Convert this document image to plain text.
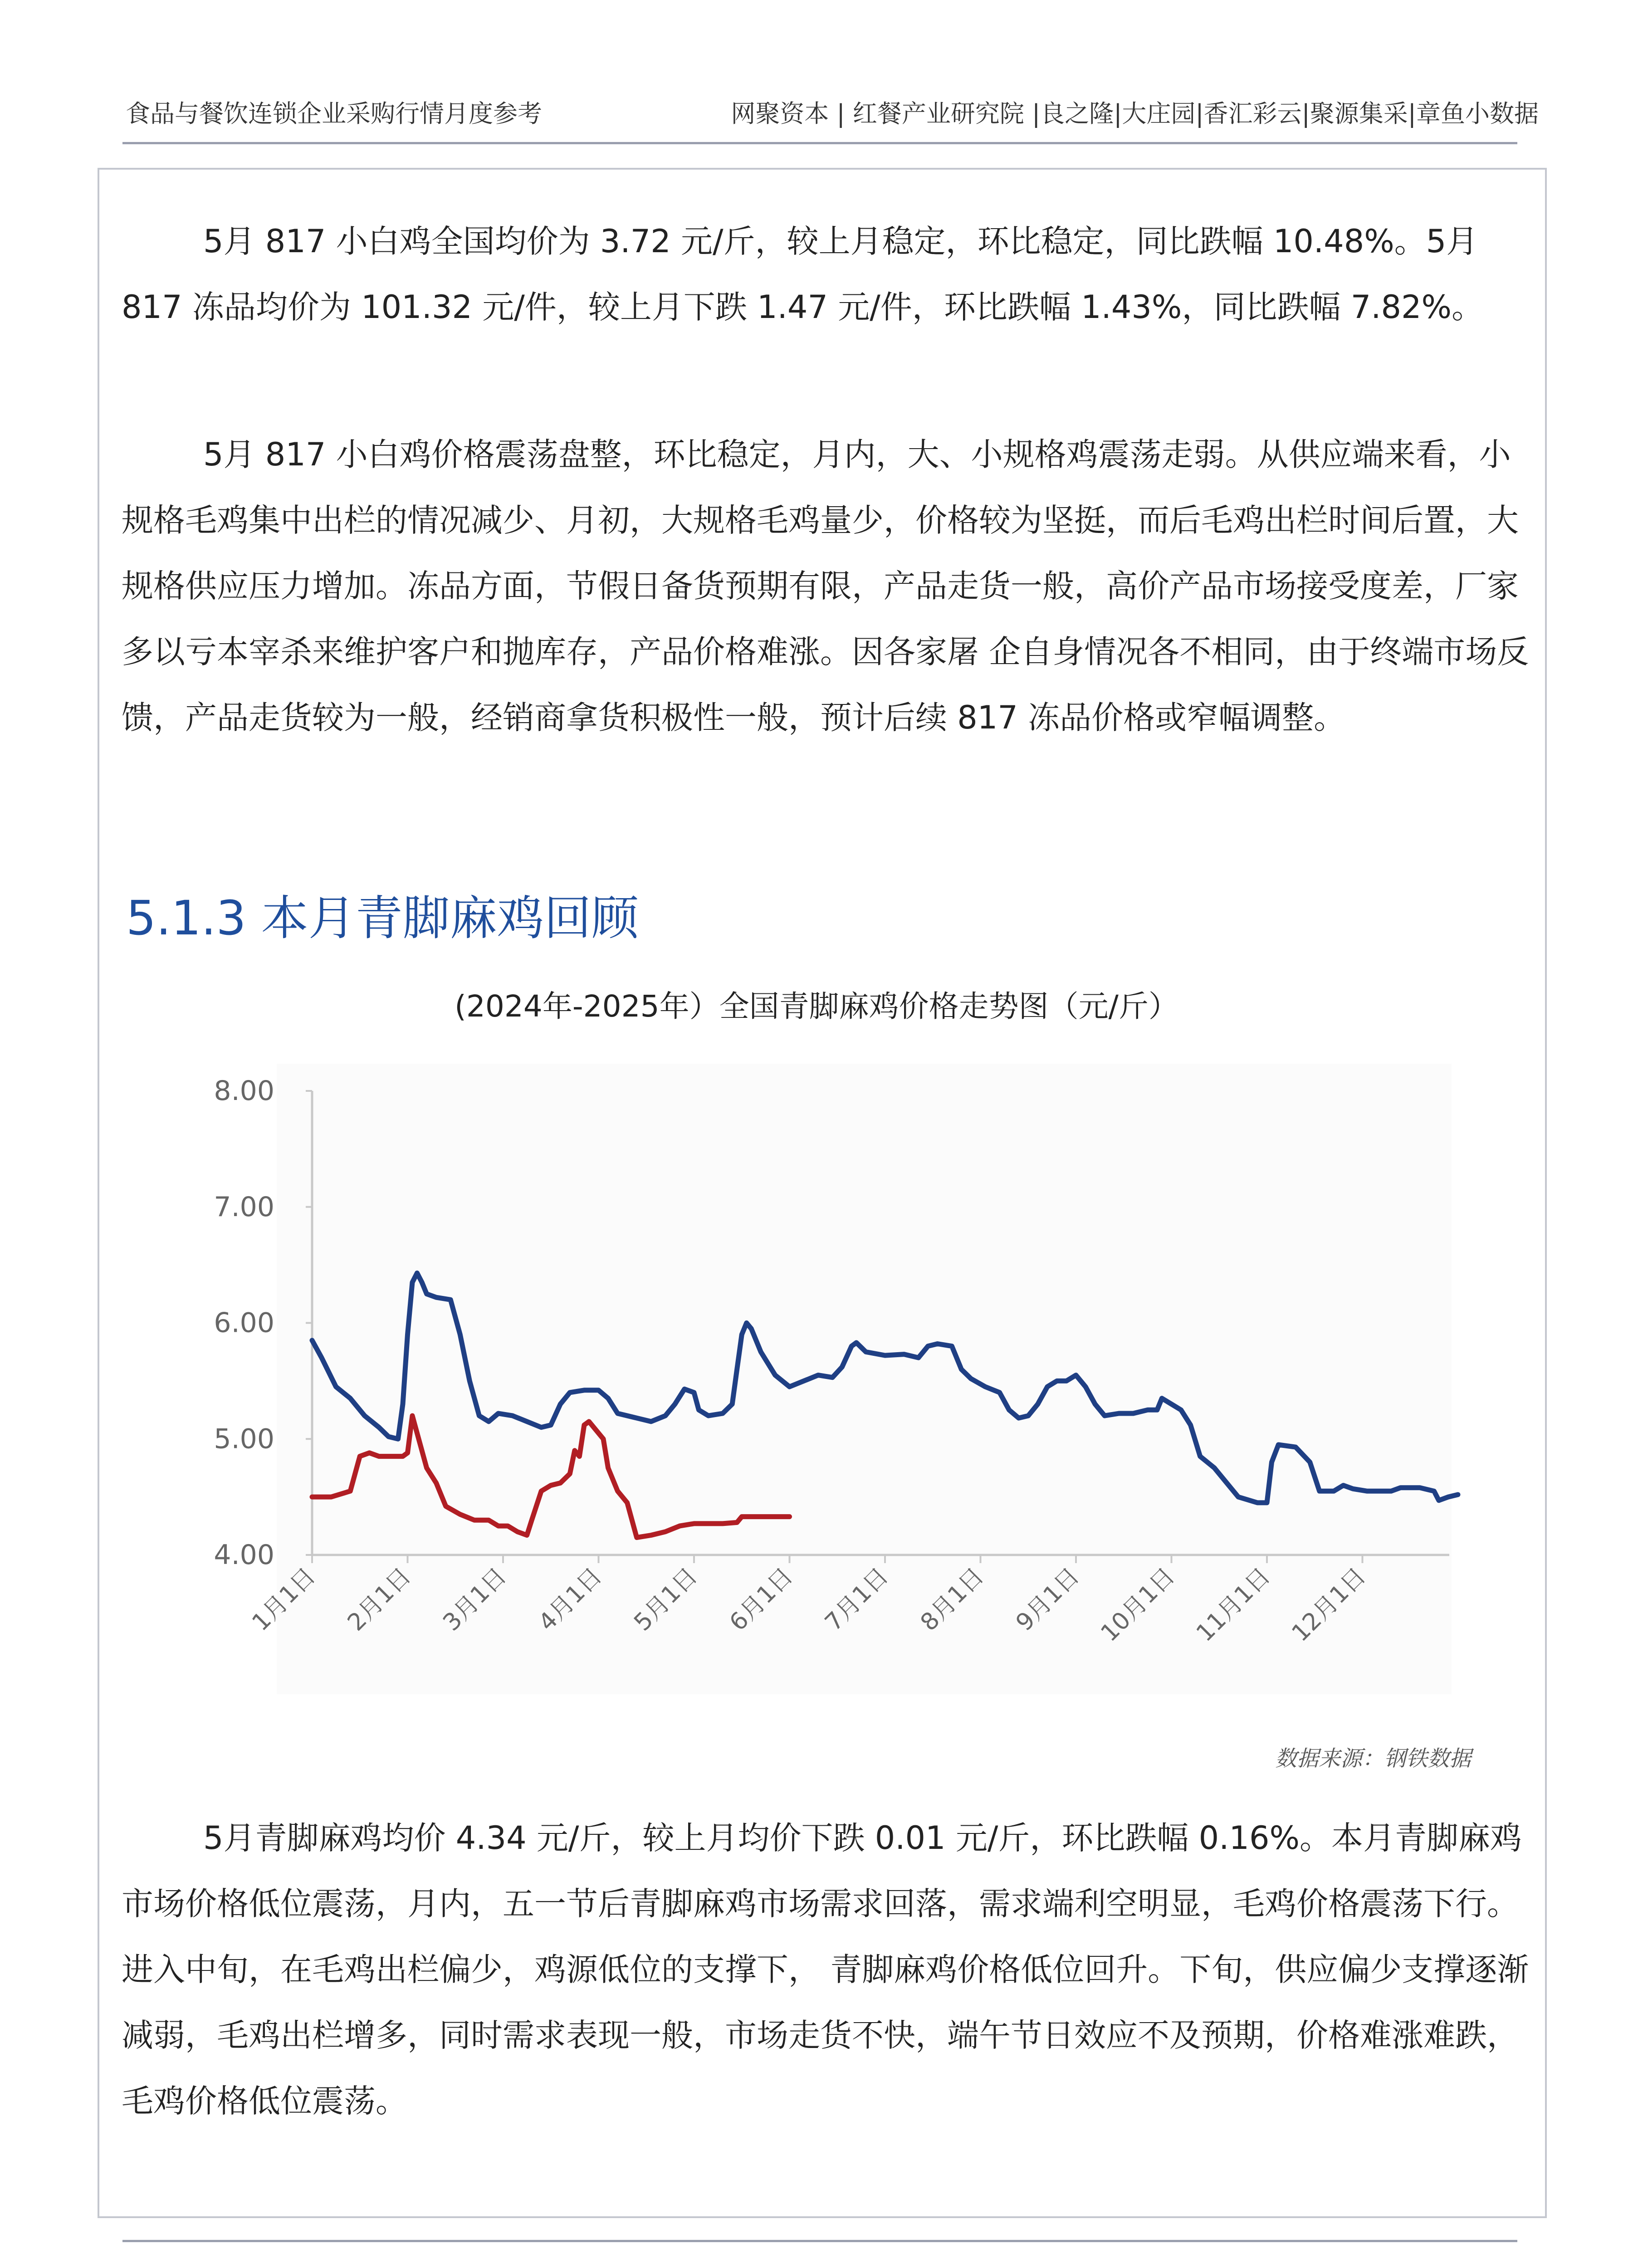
食品与餐饮连锁企业采购行情月度参考	网聚资本 | 红餐产业研究院 |良之隆|大庄园|香汇彩云|聚源集采|章鱼小数据

5月 817 小白鸡全国均价为 3.72 元/斤，较上月稳定，环比稳定，同比跌幅 10.48%。5月 817 冻品均价为 101.32 元/件，较上月下跌 1.47 元/件，环比跌幅 1.43%，同比跌幅 7.82%。

5月 817 小白鸡价格震荡盘整，环比稳定，月内，大、小规格鸡震荡走弱。从供应端来看，小规格毛鸡集中出栏的情况减少、月初，大规格毛鸡量少，价格较为坚挺，而后毛鸡出栏时间后置，大规格供应压力增加。冻品方面，节假日备货预期有限，产品走货一般，高价产品市场接受度差，厂家多以亏本宰杀来维护客户和抛库存，产品价格难涨。因各家屠 企自身情况各不相同，由于终端市场反馈，产品走货较为一般，经销商拿货积极性一般，预计后续 817 冻品价格或窄幅调整。

5.1.3 本月青脚麻鸡回顾
(2024年-2025年）全国青脚麻鸡价格走势图（元/斤）
4.00
5.00
6.00
7.00
8.00
1月1日 2月1日 3月1日 4月1日 5月1日 6月1日 7月1日 8月1日 9月1日 10月1日 11月1日 12月1日
数据来源：钢铁数据

5月青脚麻鸡均价 4.34 元/斤，较上月均价下跌 0.01 元/斤，环比跌幅 0.16%。本月青脚麻鸡市场价格低位震荡，月内，五一节后青脚麻鸡市场需求回落，需求端利空明显，毛鸡价格震荡下行。进入中旬，在毛鸡出栏偏少，鸡源低位的支撑下， 青脚麻鸡价格低位回升。下旬，供应偏少支撑逐渐减弱，毛鸡出栏增多，同时需求表现一般，市场走货不快，端午节日效应不及预期，价格难涨难跌，毛鸡价格低位震荡。
